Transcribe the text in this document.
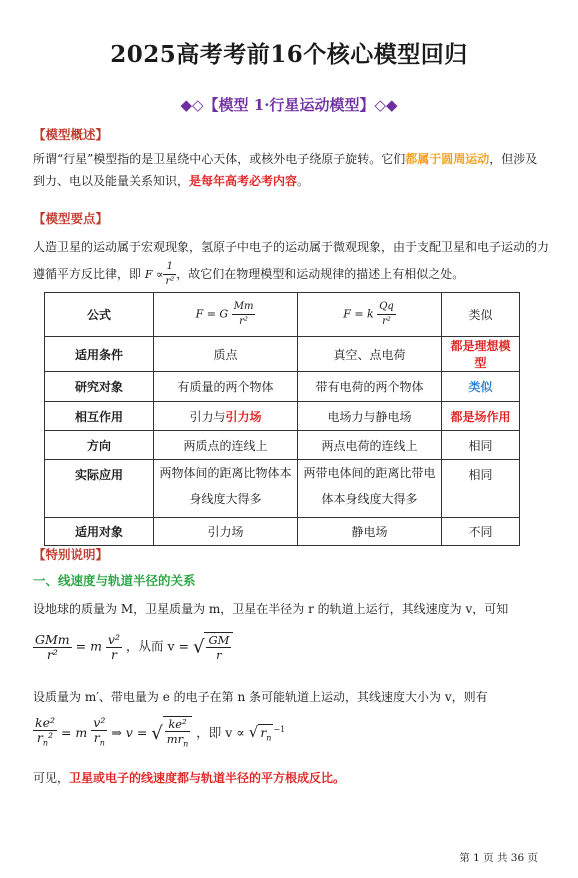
2025高考考前16个核心模型回归
◆◇【模型 1·行星运动模型】◇◆
【模型概述】
所谓“行星”模型指的是卫星绕中心天体，或核外电子绕原子旋转。它们都属于圆周运动，但涉及到力、电以及能量关系知识，是每年高考必考内容。
【模型要点】
人造卫星的运动属于宏观现象，氢原子中电子的运动属于微观现象，由于支配卫星和电子运动的力遵循平方反比律，即 $F \propto \frac{1}{\text{r²}}$ ，故它们在物理模型和运动规律的描述上有相似之处。
公式	F = G $\frac{Mm}{\text{r²}}$	F = k $\frac{Qq}{\text{r²}}$	类似
适用条件	质点	真空、点电荷	都是理想模型
研究对象	有质量的两个物体	带有电荷的两个物体	类似
相互作用	引力与引力场	电场力与静电场	都是场作用
方向	两质点的连线上	两点电荷的连线上	相同
实际应用	两物体间的距离比物体本身线度大得多	两带电体间的距离比带电体本身线度大得多	相同
适用对象	引力场	静电场	不同
【特别说明】
一、线速度与轨道半径的关系
设地球的质量为 M，卫星质量为 m，卫星在半径为 r 的轨道上运行，其线速度为 v，可知
$\frac{\text{GMm}}{\text{r²}} = m \frac{\text{v²}}{r}$ ，从而 v = √ $\frac{GM}{r}$
设质量为 m′、带电量为 e 的电子在第 n 条可能轨道上运动，其线速度大小为 v，则有
$\frac{\text{ke²}}{r_n^2} = m \frac{\text{v²}}{r_n}$ ⇒ v = √ $\frac{\text{ke²}}{mr_n}$ ，即 v ∝ √ $r_n^{-1}$
可见，卫星或电子的线速度都与轨道半径的平方根成反比。
第 1 页 共 36 页
